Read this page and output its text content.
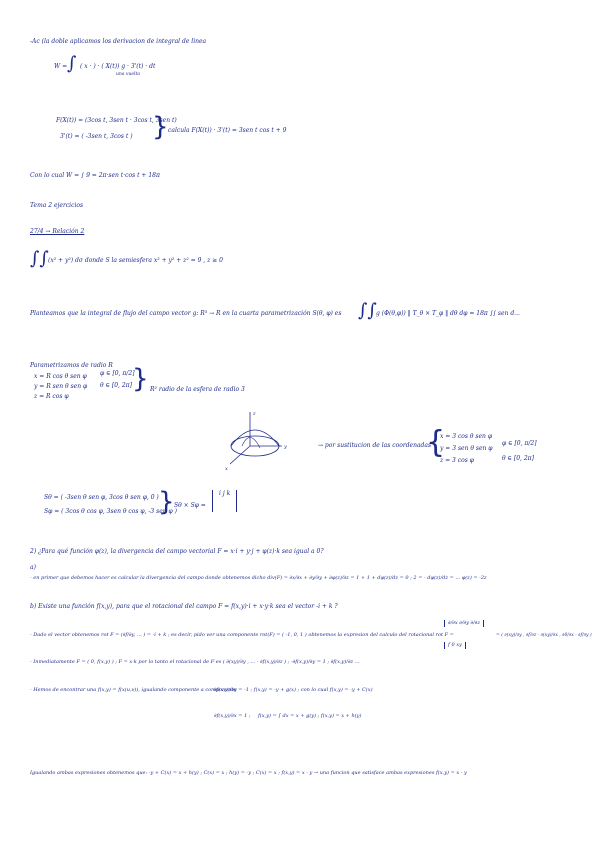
-Ac (la doble aplicamos los derivacion de integral de linea
W = ∫ ( x · ) · ( X(t)) g · 3'(t) · dt
una vuelta
F(X(t)) = (3cos t, 3sen t · 3cos t, 3sen t)
3'(t) = ( -3sen t, 3cos t ) } calcula F(X(t)) · 3'(t) = 3sen t cos t + 9
Con lo cual W = ∫ 9 = 2π·sen t·cos t + 18π
Tema 2 ejercicios
27/4 → Relación 2
∫∫ (x² + y²) dσ donde S la semiesfera x² + y² + z² = 9 , z ≥ 0
Planteamos que la integral de flujo del campo vector g: R³ → R en la cuarta parametrización S(θ, φ) es ∫∫ g (Φ(θ,φ)) ‖ T_θ × T_φ ‖ dθ dφ = 18π ∫∫ sen d...
Parametrizamos de radio R
x = R cos θ sen φ
y = R sen θ sen φ
z = R cos φ
φ ∈ [0, π/2]
θ ∈ [0, 2π] } R² radio de la esfera de radio 3
z
y
x
→ por sustitucion de las coordenadas
{
x = 3 cos θ sen φ
y = 3 sen θ sen φ
z = 3 cos φ
φ ∈ [0, π/2]
θ ∈ [0, 2π]
Sθ = ( -3sen θ sen φ, 3cos θ sen φ, 0 )
Sφ = ( 3cos θ cos φ, 3sen θ cos φ, -3 sen φ )
} Sθ × Sφ =
i j k
2) ¿Para qué función φ(z), la divergencia del campo vectorial F = x·i + y·j + φ(z)·k sea igual a 0?
a)
- en primer que debemos hacer es calcular la divergencia del campo donde obtenemos dicho div(F) = ∂x/∂x + ∂y/∂y + ∂φ(z)/∂z = 1 + 1 + dφ(z)/dz = 0 ; 2 = - dφ(z)/dz = ... φ(z) = -2z
b) Existe una función f(x,y), para que el rotacional del campo F = f(x,y)·i + x·y·k sea el vector -i + k ?
- Dado el vector obtenemos rot F = (∂f/∂y, ... ) = -i + k ; es decir, pido ver una componente rot(F) = ( -1, 0, 1 ) obtenemos la expresion del calculo del rotacional rot F =
∂/∂x ∂/∂y ∂/∂z
f 0 xy
= ( ∂(xy)/∂y , ∂f/∂z - ∂(xy)/∂x , ∂0/∂x - ∂f/∂y )
- Inmediatamente F = ( 0, f(x,y) ) ; F = x·k por lo tanto el rotacional de F es ( ∂(xy)/∂y , ... - ∂f(x,y)/∂z ) ; -∂f(x,y)/∂y = 1 ; ∂f(x,y)/∂z ...
- Hemos de encontrar una f(x,y) = f(x(u,v)), igualando componente a componente
∂f(x,y)/∂y = -1 ; f(x,y) = -y + g(x) ; con lo cual f(x,y) = -y + C(x)
∂f(x,y)/∂x = 1 ; f(x,y) = ∫ dx = x + g(y) ; f(x,y) = x + h(y)
Igualando ambas expresiones obtenemos que: -y + C(x) = x + h(y) ; C(x) = x ; h(y) = -y ; C(x) = x ; f(x,y) = x - y → una funcion que satisface ambas expresiones f(x,y) = x - y
